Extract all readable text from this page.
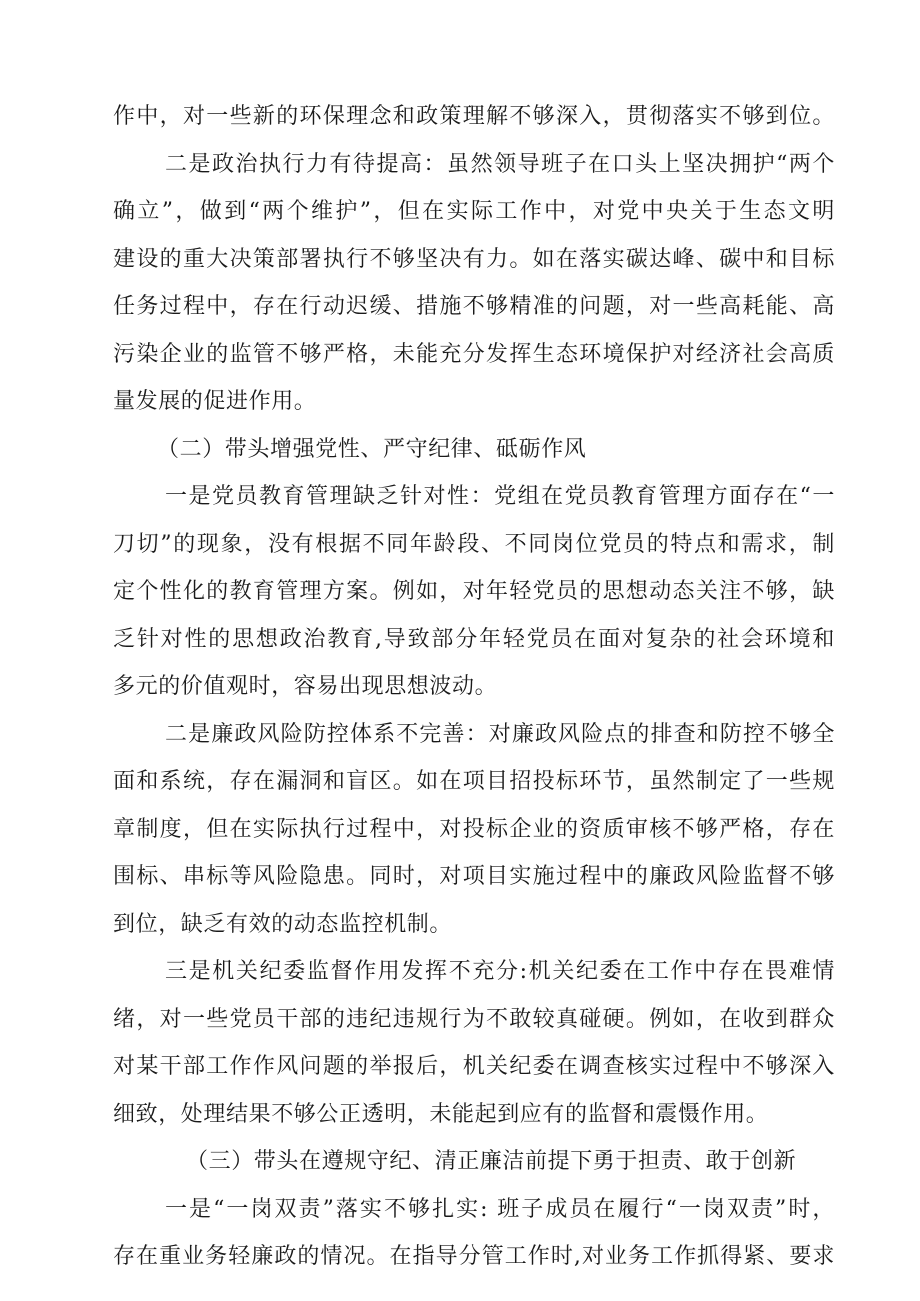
作中，对一些新的环保理念和政策理解不够深入，贯彻落实不够到位。
二是政治执行力有待提高：虽然领导班子在口头上坚决拥护“两个
确立”，做到“两个维护”，但在实际工作中，对党中央关于生态文明
建设的重大决策部署执行不够坚决有力。如在落实碳达峰、碳中和目标
任务过程中，存在行动迟缓、措施不够精准的问题，对一些高耗能、高
污染企业的监管不够严格，未能充分发挥生态环境保护对经济社会高质
量发展的促进作用。
（二）带头增强党性、严守纪律、砥砺作风
一是党员教育管理缺乏针对性：党组在党员教育管理方面存在“一
刀切”的现象，没有根据不同年龄段、不同岗位党员的特点和需求，制
定个性化的教育管理方案。例如，对年轻党员的思想动态关注不够，缺
乏针对性的思想政治教育,导致部分年轻党员在面对复杂的社会环境和
多元的价值观时，容易出现思想波动。
二是廉政风险防控体系不完善：对廉政风险点的排查和防控不够全
面和系统，存在漏洞和盲区。如在项目招投标环节，虽然制定了一些规
章制度，但在实际执行过程中，对投标企业的资质审核不够严格，存在
围标、串标等风险隐患。同时，对项目实施过程中的廉政风险监督不够
到位，缺乏有效的动态监控机制。
三是机关纪委监督作用发挥不充分:机关纪委在工作中存在畏难情
绪，对一些党员干部的违纪违规行为不敢较真碰硬。例如，在收到群众
对某干部工作作风问题的举报后，机关纪委在调查核实过程中不够深入
细致，处理结果不够公正透明，未能起到应有的监督和震慑作用。
（三）带头在遵规守纪、清正廉洁前提下勇于担责、敢于创新
一是“一岗双责”落实不够扎实: 班子成员在履行“一岗双责”时，
存在重业务轻廉政的情况。在指导分管工作时,对业务工作抓得紧、要求
